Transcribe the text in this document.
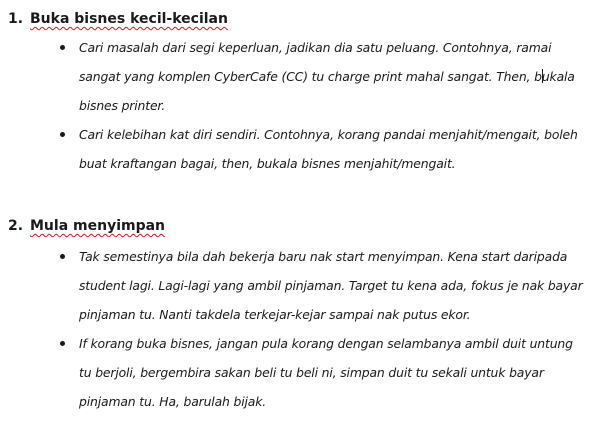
1. Buka bisnes kecil-kecilan
Cari masalah dari segi keperluan, jadikan dia satu peluang. Contohnya, ramai sangat yang komplen CyberCafe (CC) tu charge print mahal sangat. Then, bukala bisnes printer.
Cari kelebihan kat diri sendiri. Contohnya, korang pandai menjahit/mengait, boleh buat kraftangan bagai, then, bukala bisnes menjahit/mengait.
2. Mula menyimpan
Tak semestinya bila dah bekerja baru nak start menyimpan. Kena start daripada student lagi. Lagi-lagi yang ambil pinjaman. Target tu kena ada, fokus je nak bayar pinjaman tu. Nanti takdela terkejar-kejar sampai nak putus ekor.
If korang buka bisnes, jangan pula korang dengan selambanya ambil duit untung tu berjoli, bergembira sakan beli tu beli ni, simpan duit tu sekali untuk bayar pinjaman tu. Ha, barulah bijak.
